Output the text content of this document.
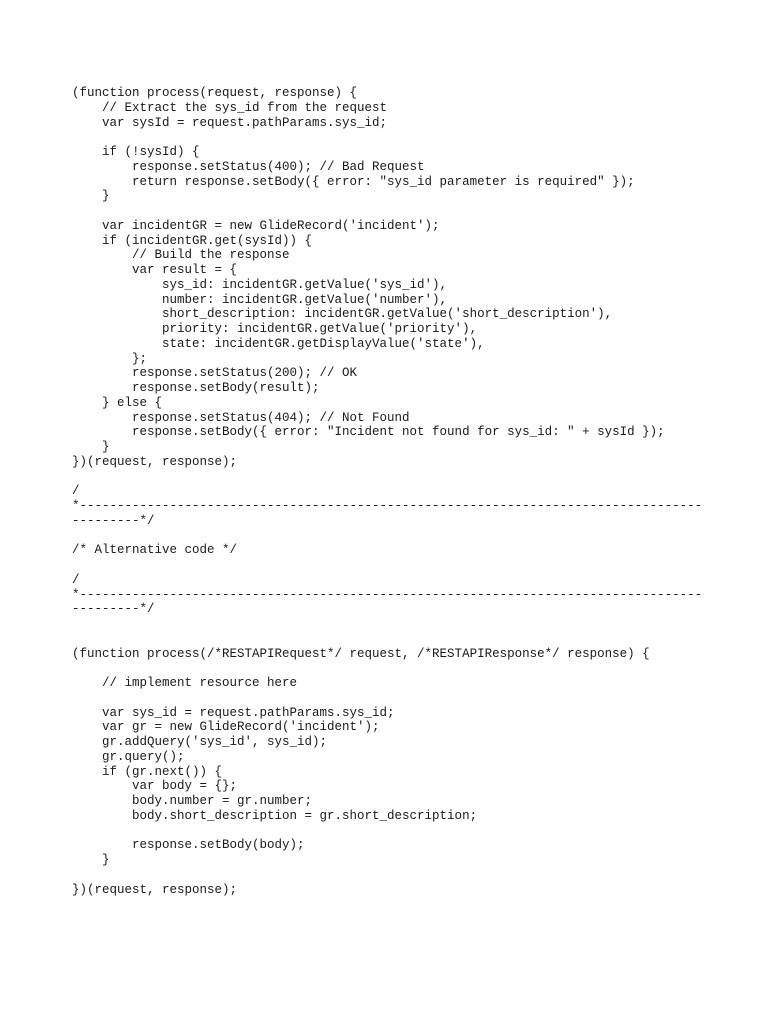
(function process(request, response) {
// Extract the sys_id from the request
var sysId = request.pathParams.sys_id;
if (!sysId) {
response.setStatus(400); // Bad Request
return response.setBody({ error: "sys_id parameter is required" });
}
var incidentGR = new GlideRecord('incident');
if (incidentGR.get(sysId)) {
// Build the response
var result = {
sys_id: incidentGR.getValue('sys_id'),
number: incidentGR.getValue('number'),
short_description: incidentGR.getValue('short_description'),
priority: incidentGR.getValue('priority'),
state: incidentGR.getDisplayValue('state'),
};
response.setStatus(200); // OK
response.setBody(result);
} else {
response.setStatus(404); // Not Found
response.setBody({ error: "Incident not found for sys_id: " + sysId });
}
})(request, response);
/
*-----------------------------------------------------------------------------------
---------*/
/* Alternative code */
/
*-----------------------------------------------------------------------------------
---------*/
(function process(/*RESTAPIRequest*/ request, /*RESTAPIResponse*/ response) {
// implement resource here
var sys_id = request.pathParams.sys_id;
var gr = new GlideRecord('incident');
gr.addQuery('sys_id', sys_id);
gr.query();
if (gr.next()) {
var body = {};
body.number = gr.number;
body.short_description = gr.short_description;
response.setBody(body);
}
})(request, response);
